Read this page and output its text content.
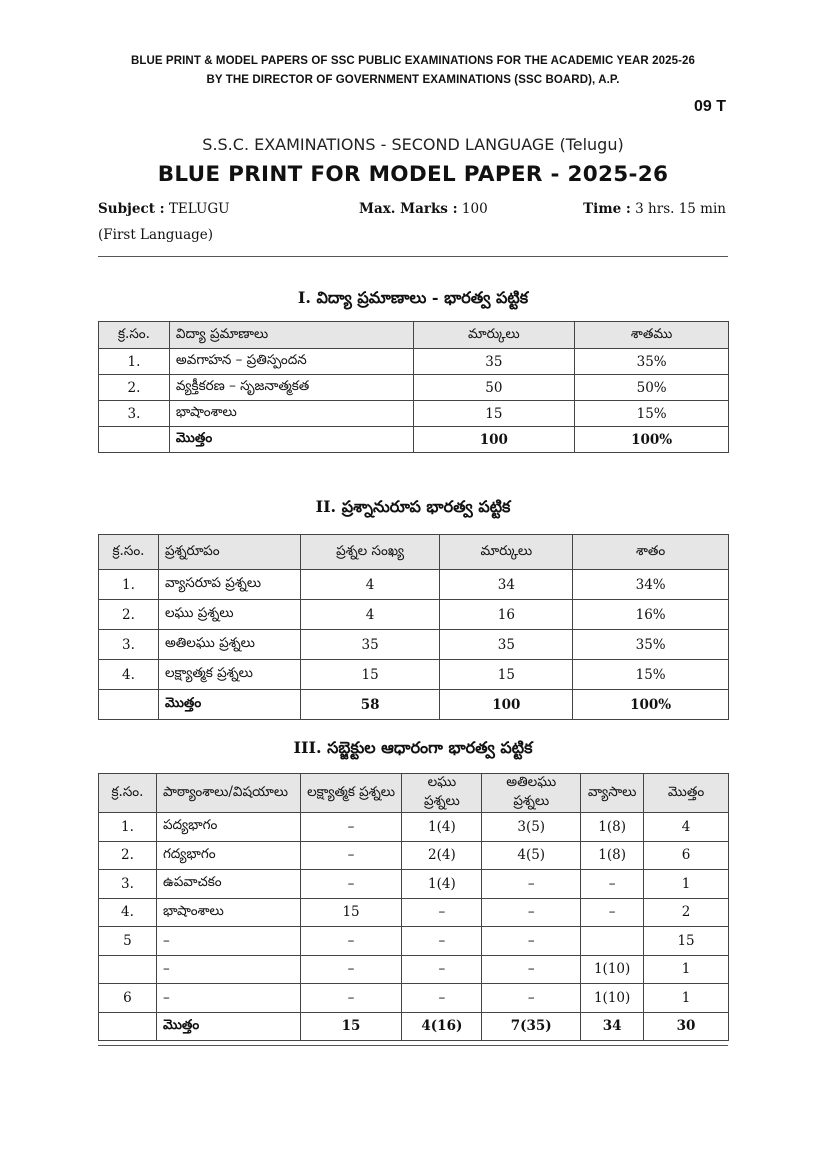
BLUE PRINT & MODEL PAPERS OF SSC PUBLIC EXAMINATIONS FOR THE ACADEMIC YEAR 2025-26
BY THE DIRECTOR OF GOVERNMENT EXAMINATIONS (SSC BOARD), A.P.
09 T
S.S.C. EXAMINATIONS - SECOND LANGUAGE (Telugu)
BLUE PRINT FOR MODEL PAPER - 2025-26
Subject : TELUGU	Max. Marks : 100	Time : 3 hrs. 15 min
(First Language)
I. విద్యా ప్రమాణాలు - భారత్వ పట్టిక
క్ర.సం.	విద్యా ప్రమాణాలు	మార్కులు	శాతము
1.	అవగాహన – ప్రతిస్పందన	35	35%
2.	వ్యక్తీకరణ – సృజనాత్మకత	50	50%
3.	భాషాంశాలు	15	15%
	మొత్తం	100	100%
II. ప్రశ్నానురూప భారత్వ పట్టిక
క్ర.సం.	ప్రశ్నరూపం	ప్రశ్నల సంఖ్య	మార్కులు	శాతం
1.	వ్యాసరూప ప్రశ్నలు	4	34	34%
2.	లఘు ప్రశ్నలు	4	16	16%
3.	అతిలఘు ప్రశ్నలు	35	35	35%
4.	లక్ష్యాత్మక ప్రశ్నలు	15	15	15%
	మొత్తం	58	100	100%
III. సబ్జెక్టుల ఆధారంగా భారత్వ పట్టిక
క్ర.సం.	పాఠ్యాంశాలు/విషయాలు	లక్ష్యాత్మక ప్రశ్నలు	లఘు ప్రశ్నలు	అతిలఘు ప్రశ్నలు	వ్యాసాలు	మొత్తం
1.	పద్యభాగం	–	1(4)	3(5)	1(8)	4
2.	గద్యభాగం	–	2(4)	4(5)	1(8)	6
3.	ఉపవాచకం	–	1(4)	–	–	1
4.	భాషాంశాలు	15	–	–	–	2
5	–	–	–	–		15
	–	–	–	–	1(10)	1
6	–	–	–	–	1(10)	1
	మొత్తం	15	4(16)	7(35)	34	30
